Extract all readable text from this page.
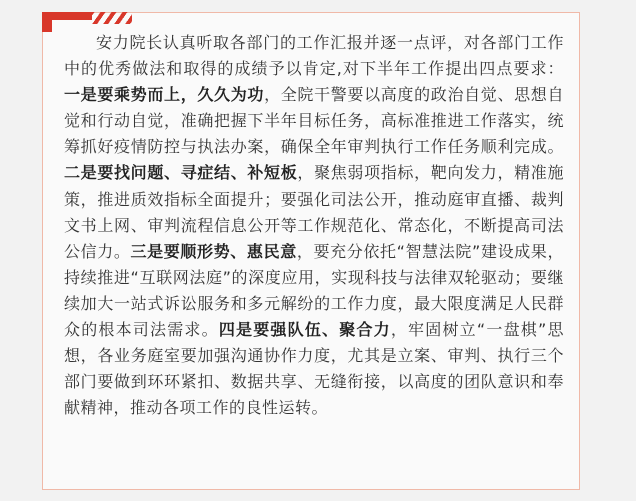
安力院长认真听取各部门的工作汇报并逐一点评，对各部门工作中的优秀做法和取得的成绩予以肯定,对下半年工作提出四点要求：一是要乘势而上，久久为功，全院干警要以高度的政治自觉、思想自觉和行动自觉，准确把握下半年目标任务，高标准推进工作落实，统筹抓好疫情防控与执法办案，确保全年审判执行工作任务顺利完成。二是要找问题、寻症结、补短板，聚焦弱项指标，靶向发力，精准施策，推进质效指标全面提升；要强化司法公开，推动庭审直播、裁判文书上网、审判流程信息公开等工作规范化、常态化，不断提高司法公信力。三是要顺形势、惠民意，要充分依托“智慧法院”建设成果，持续推进“互联网法庭”的深度应用，实现科技与法律双轮驱动；要继续加大一站式诉讼服务和多元解纷的工作力度，最大限度满足人民群众的根本司法需求。四是要强队伍、聚合力，牢固树立“一盘棋”思想，各业务庭室要加强沟通协作力度，尤其是立案、审判、执行三个部门要做到环环紧扣、数据共享、无缝衔接，以高度的团队意识和奉献精神，推动各项工作的良性运转。
